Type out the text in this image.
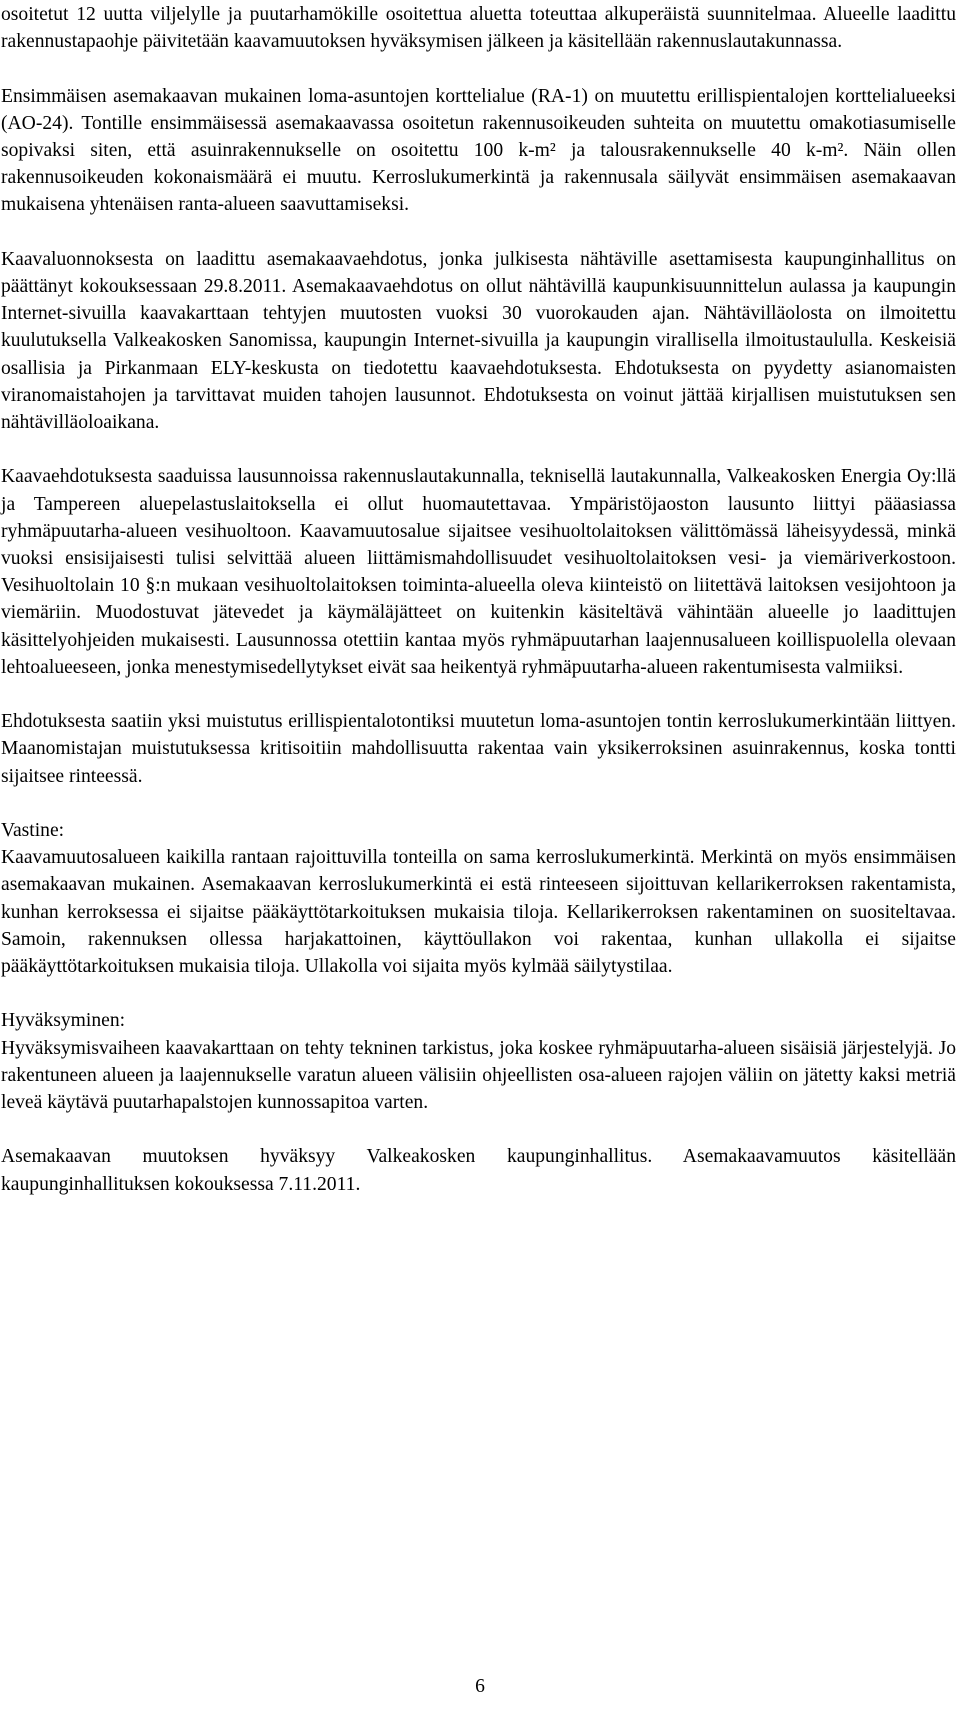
osoitetut 12 uutta viljelylle ja puutarhamökille osoitettua aluetta toteuttaa alkuperäistä suunnitelmaa. Alueelle laadittu rakennustapaohje päivitetään kaavamuutoksen hyväksymisen jälkeen ja käsitellään rakennuslautakunnassa.

Ensimmäisen asemakaavan mukainen loma-asuntojen korttelialue (RA-1) on muutettu erillispientalojen korttelialueeksi (AO-24). Tontille ensimmäisessä asemakaavassa osoitetun rakennusoikeuden suhteita on muutettu omakotiasumiselle sopivaksi siten, että asuinrakennukselle on osoitettu 100 k-m² ja talousrakennukselle 40 k-m². Näin ollen rakennusoikeuden kokonaismäärä ei muutu. Kerroslukumerkintä ja rakennusala säilyvät ensimmäisen asemakaavan mukaisena yhtenäisen ranta-alueen saavuttamiseksi.

Kaavaluonnoksesta on laadittu asemakaavaehdotus, jonka julkisesta nähtäville asettamisesta kaupunginhallitus on päättänyt kokouksessaan 29.8.2011. Asemakaavaehdotus on ollut nähtävillä kaupunkisuunnittelun aulassa ja kaupungin Internet-sivuilla kaavakarttaan tehtyjen muutosten vuoksi 30 vuorokauden ajan. Nähtävilläolosta on ilmoitettu kuulutuksella Valkeakosken Sanomissa, kaupungin Internet-sivuilla ja kaupungin virallisella ilmoitustaululla. Keskeisiä osallisia ja Pirkanmaan ELY-keskusta on tiedotettu kaavaehdotuksesta. Ehdotuksesta on pyydetty asianomaisten viranomaistahojen ja tarvittavat muiden tahojen lausunnot. Ehdotuksesta on voinut jättää kirjallisen muistutuksen sen nähtävilläoloaikana.

Kaavaehdotuksesta saaduissa lausunnoissa rakennuslautakunnalla, teknisellä lautakunnalla, Valkeakosken Energia Oy:llä ja Tampereen aluepelastuslaitoksella ei ollut huomautettavaa. Ympäristöjaoston lausunto liittyi pääasiassa ryhmäpuutarha-alueen vesihuoltoon. Kaavamuutosalue sijaitsee vesihuoltolaitoksen välittömässä läheisyydessä, minkä vuoksi ensisijaisesti tulisi selvittää alueen liittämismahdollisuudet vesihuoltolaitoksen vesi- ja viemäriverkostoon. Vesihuoltolain 10 §:n mukaan vesihuoltolaitoksen toiminta-alueella oleva kiinteistö on liitettävä laitoksen vesijohtoon ja viemäriin. Muodostuvat jätevedet ja käymäläjätteet on kuitenkin käsiteltävä vähintään alueelle jo laadittujen käsittelyohjeiden mukaisesti. Lausunnossa otettiin kantaa myös ryhmäpuutarhan laajennusalueen koillispuolella olevaan lehtoalueeseen, jonka menestymisedellytykset eivät saa heikentyä ryhmäpuutarha-alueen rakentumisesta valmiiksi.

Ehdotuksesta saatiin yksi muistutus erillispientalotontiksi muutetun loma-asuntojen tontin kerroslukumerkintään liittyen. Maanomistajan muistutuksessa kritisoitiin mahdollisuutta rakentaa vain yksikerroksinen asuinrakennus, koska tontti sijaitsee rinteessä.

Vastine:

Kaavamuutosalueen kaikilla rantaan rajoittuvilla tonteilla on sama kerroslukumerkintä. Merkintä on myös ensimmäisen asemakaavan mukainen. Asemakaavan kerroslukumerkintä ei estä rinteeseen sijoittuvan kellarikerroksen rakentamista, kunhan kerroksessa ei sijaitse pääkäyttötarkoituksen mukaisia tiloja. Kellarikerroksen rakentaminen on suositeltavaa. Samoin, rakennuksen ollessa harjakattoinen, käyttöullakon voi rakentaa, kunhan ullakolla ei sijaitse pääkäyttötarkoituksen mukaisia tiloja. Ullakolla voi sijaita myös kylmää säilytystilaa.

Hyväksyminen:

Hyväksymisvaiheen kaavakarttaan on tehty tekninen tarkistus, joka koskee ryhmäpuutarha-alueen sisäisiä järjestelyjä. Jo rakentuneen alueen ja laajennukselle varatun alueen välisiin ohjeellisten osa-alueen rajojen väliin on jätetty kaksi metriä leveä käytävä puutarhapalstojen kunnossapitoa varten.

Asemakaavan muutoksen hyväksyy Valkeakosken kaupunginhallitus. Asemakaavamuutos käsitellään kaupunginhallituksen kokouksessa 7.11.2011.

6
